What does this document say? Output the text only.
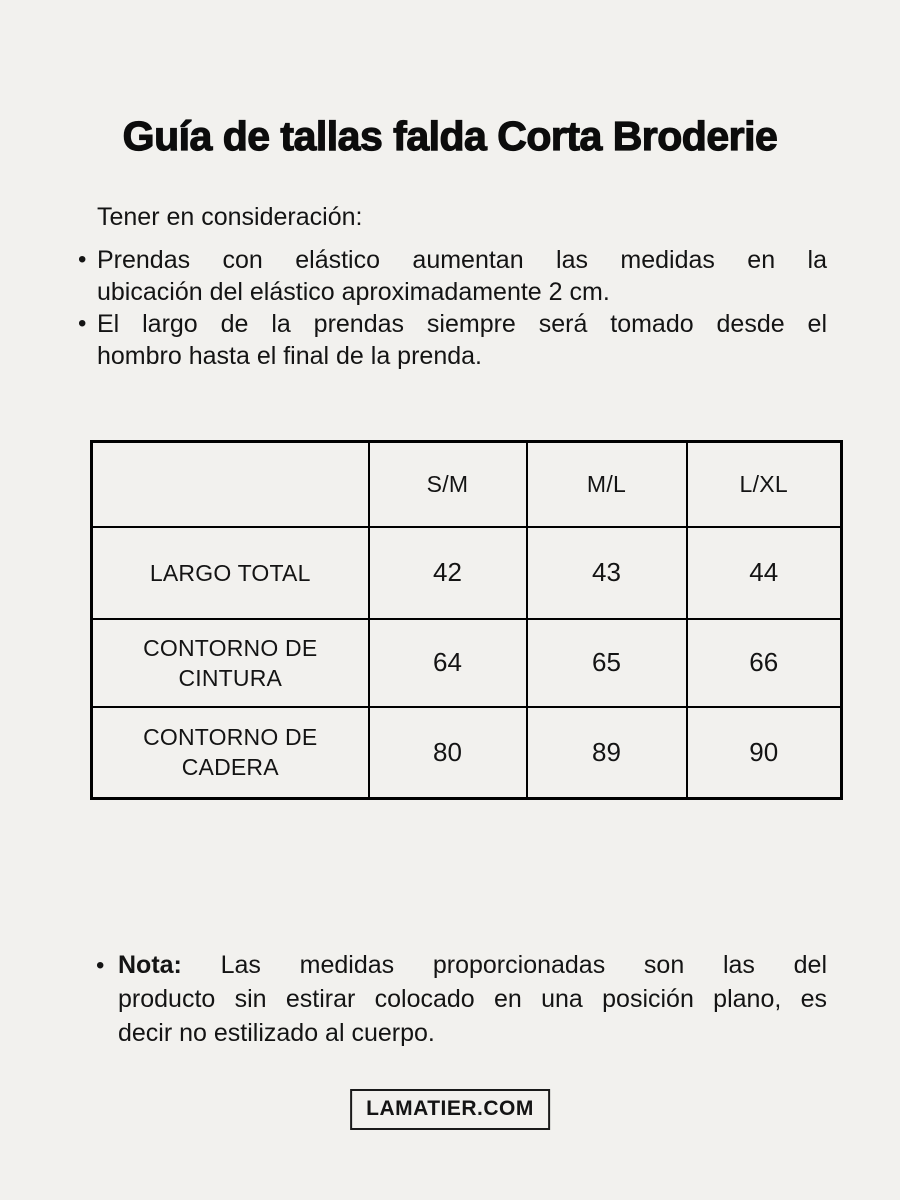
Guía de tallas falda Corta Broderie
Tener en consideración:
• Prendas con elástico aumentan las medidas en la
ubicación del elástico aproximadamente 2 cm.
• El largo de la prendas siempre será tomado desde el
hombro hasta el final de la prenda.
	S/M	M/L	L/XL
LARGO TOTAL	42	43	44
CONTORNO DE CINTURA	64	65	66
CONTORNO DE CADERA	80	89	90
• Nota: Las medidas proporcionadas son las del
producto sin estirar colocado en una posición plano, es
decir no estilizado al cuerpo.
LAMATIER.COM
